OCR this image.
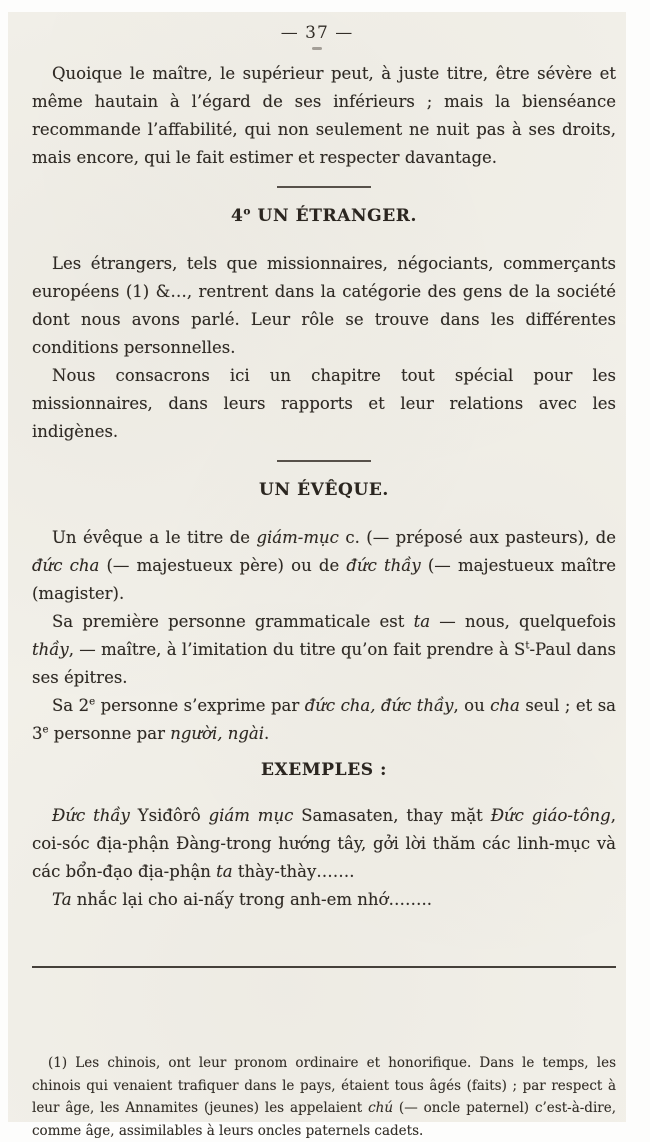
— 37 —

Quoique le maître, le supérieur peut, à juste titre, être sévère et même hautain à l’égard de ses inférieurs ; mais la bienséance recommande l’affabilité, qui non seulement ne nuit pas à ses droits, mais encore, qui le fait estimer et respecter davantage.

4$^o$ UN ÉTRANGER.

Les étrangers, tels que missionnaires, négociants, commerçants européens (1) &…, rentrent dans la catégorie des gens de la société dont nous avons parlé. Leur rôle se trouve dans les différentes conditions personnelles.

Nous consacrons ici un chapitre tout spécial pour les missionnaires, dans leurs rapports et leur relations avec les indigènes.

UN ÉVÊQUE.

Un évêque a le titre de giám-mục c. (— préposé aux pasteurs), de đức cha (— majestueux père) ou de đức thầy (— majestueux maître (magister).

Sa première personne grammaticale est ta — nous, quelquefois thầy, — maître, à l’imitation du titre qu’on fait prendre à $S^t$-Paul dans ses épitres.

Sa 2e personne s’exprime par đức cha, đức thầy, ou cha seul ; et sa 3e personne par người, ngài.

EXEMPLES :

Đức thầy Ysiđôrô giám mục Samasaten, thay mặt Đức giáo-tông, coi-sóc địa-phận Đàng-trong hướng tây, gởi lời thăm các linh-mục và các bổn-đạo địa-phận ta thày-thày…….

Ta nhắc lại cho ai-nấy trong anh-em nhớ……..

(1) Les chinois, ont leur pronom ordinaire et honorifique. Dans le temps, les chinois qui venaient trafiquer dans le pays, étaient tous âgés (faits) ; par respect à leur âge, les Annamites (jeunes) les appelaient chú (— oncle paternel) c’est-à-dire, comme âge, assimilables à leurs oncles paternels cadets.
